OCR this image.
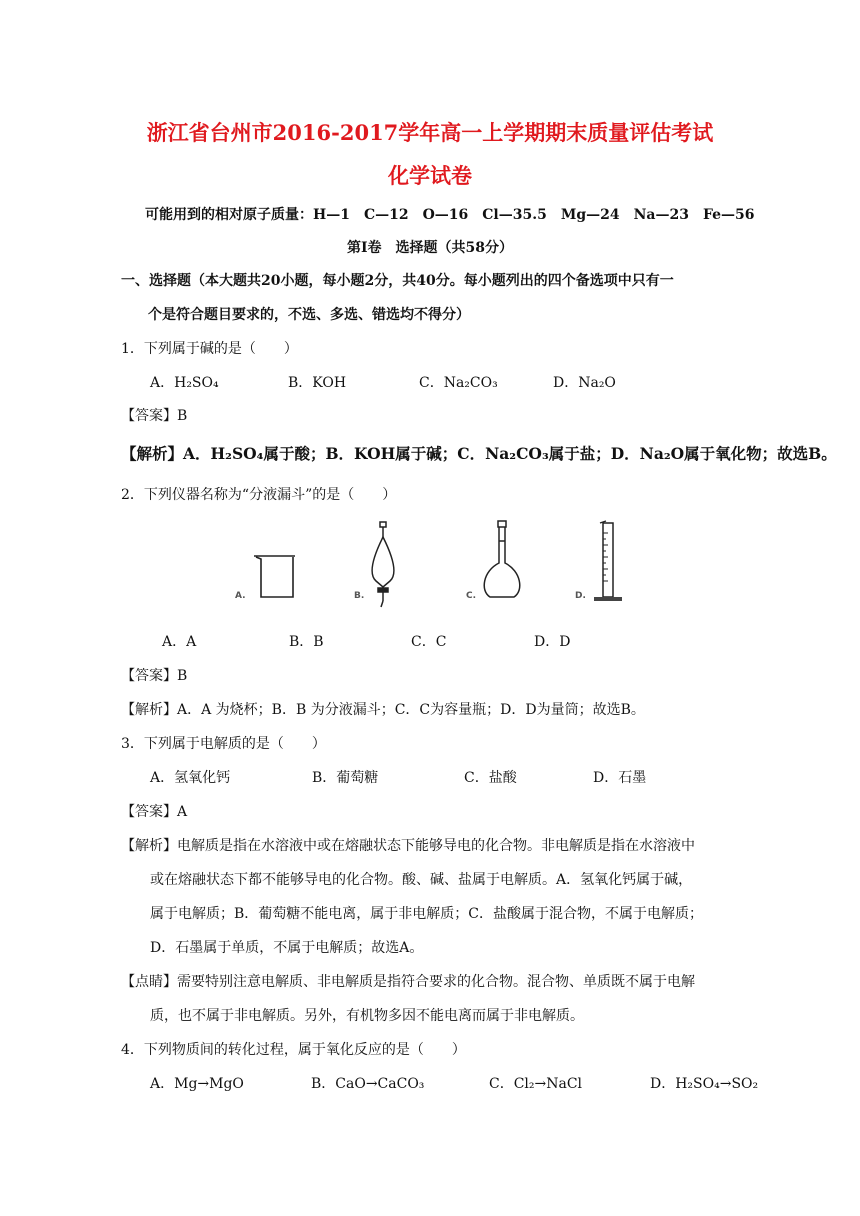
浙江省台州市2016-2017学年高一上学期期末质量评估考试
化学试卷
可能用到的相对原子质量：H—1　C—12　O—16　Cl—35.5　Mg—24　Na—23　Fe—56
第Ⅰ卷　选择题（共58分）
一、选择题（本大题共20小题，每小题2分，共40分。每小题列出的四个备选项中只有一
个是符合题目要求的，不选、多选、错选均不得分）
1．下列属于碱的是（　　）
A．H₂SO₄	B．KOH	C．Na₂CO₃	D．Na₂O
【答案】B
【解析】A．H₂SO₄属于酸；B．KOH属于碱；C．Na₂CO₃属于盐；D．Na₂O属于氧化物；故选B。
2．下列仪器名称为“分液漏斗”的是（　　）
A.	B.	C.	D.
A．A	B．B	C．C	D．D
【答案】B
【解析】A．A 为烧杯；B．B 为分液漏斗；C．C为容量瓶；D．D为量筒；故选B。
3．下列属于电解质的是（　　）
A．氢氧化钙	B．葡萄糖	C．盐酸	D．石墨
【答案】A
【解析】电解质是指在水溶液中或在熔融状态下能够导电的化合物。非电解质是指在水溶液中
或在熔融状态下都不能够导电的化合物。酸、碱、盐属于电解质。A．氢氧化钙属于碱，
属于电解质；B．葡萄糖不能电离，属于非电解质；C．盐酸属于混合物，不属于电解质；
D．石墨属于单质，不属于电解质；故选A。
【点睛】需要特别注意电解质、非电解质是指符合要求的化合物。混合物、单质既不属于电解
质，也不属于非电解质。另外，有机物多因不能电离而属于非电解质。
4．下列物质间的转化过程，属于氧化反应的是（　　）
A．Mg→MgO	B．CaO→CaCO₃	C．Cl₂→NaCl	D．H₂SO₄→SO₂
